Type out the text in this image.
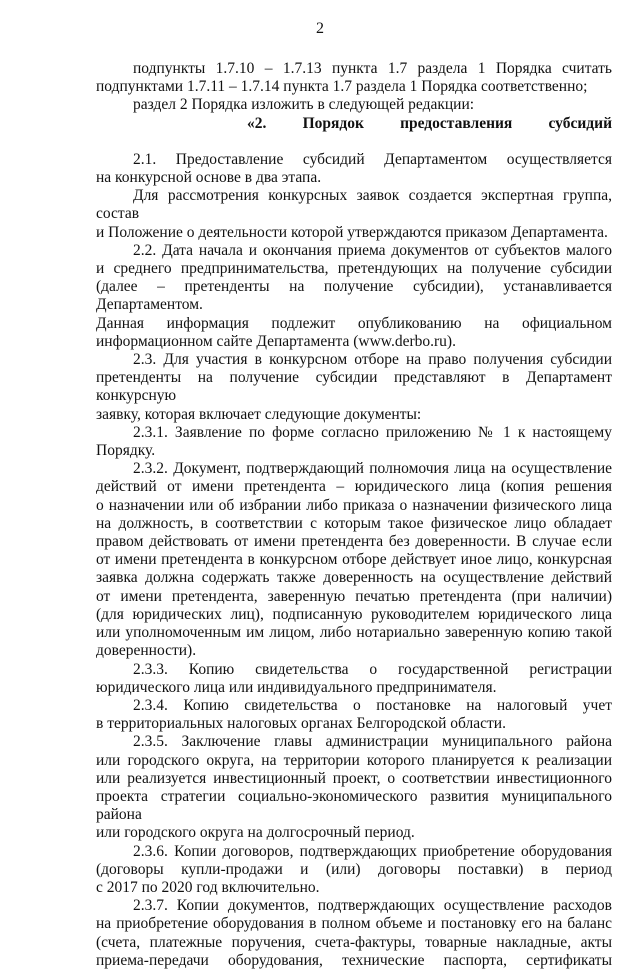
2

подпункты 1.7.10 – 1.7.13 пункта 1.7 раздела 1 Порядка считать

подпунктами 1.7.11 – 1.7.14 пункта 1.7 раздела 1 Порядка соответственно;

раздел 2 Порядка изложить в следующей редакции:

«2. Порядок предоставления субсидий

2.1. Предоставление субсидий Департаментом осуществляется

на конкурсной основе в два этапа.

Для рассмотрения конкурсных заявок создается экспертная группа, состав

и Положение о деятельности которой утверждаются приказом Департамента.

2.2. Дата начала и окончания приема документов от субъектов малого

и среднего предпринимательства, претендующих на получение субсидии

(далее – претенденты на получение субсидии), устанавливается Департаментом.

Данная информация подлежит опубликованию на официальном

информационном сайте Департамента (www.derbo.ru).

2.3. Для участия в конкурсном отборе на право получения субсидии

претенденты на получение субсидии представляют в Департамент конкурсную

заявку, которая включает следующие документы:

2.3.1. Заявление по форме согласно приложению № 1 к настоящему

Порядку.

2.3.2. Документ, подтверждающий полномочия лица на осуществление

действий от имени претендента – юридического лица (копия решения

о назначении или об избрании либо приказа о назначении физического лица

на должность, в соответствии с которым такое физическое лицо обладает

правом действовать от имени претендента без доверенности. В случае если

от имени претендента в конкурсном отборе действует иное лицо, конкурсная

заявка должна содержать также доверенность на осуществление действий

от имени претендента, заверенную печатью претендента (при наличии)

(для юридических лиц), подписанную руководителем юридического лица

или уполномоченным им лицом, либо нотариально заверенную копию такой

доверенности).

2.3.3. Копию свидетельства о государственной регистрации

юридического лица или индивидуального предпринимателя.

2.3.4. Копию свидетельства о постановке на налоговый учет

в территориальных налоговых органах Белгородской области.

2.3.5. Заключение главы администрации муниципального района

или городского округа, на территории которого планируется к реализации

или реализуется инвестиционный проект, о соответствии инвестиционного

проекта стратегии социально-экономического развития муниципального района

или городского округа на долгосрочный период.

2.3.6. Копии договоров, подтверждающих приобретение оборудования

(договоры купли-продажи и (или) договоры поставки) в период

с 2017 по 2020 год включительно.

2.3.7. Копии документов, подтверждающих осуществление расходов

на приобретение оборудования в полном объеме и постановку его на баланс

(счета, платежные поручения, счета-фактуры, товарные накладные, акты

приема-передачи оборудования, технические паспорта, сертификаты
